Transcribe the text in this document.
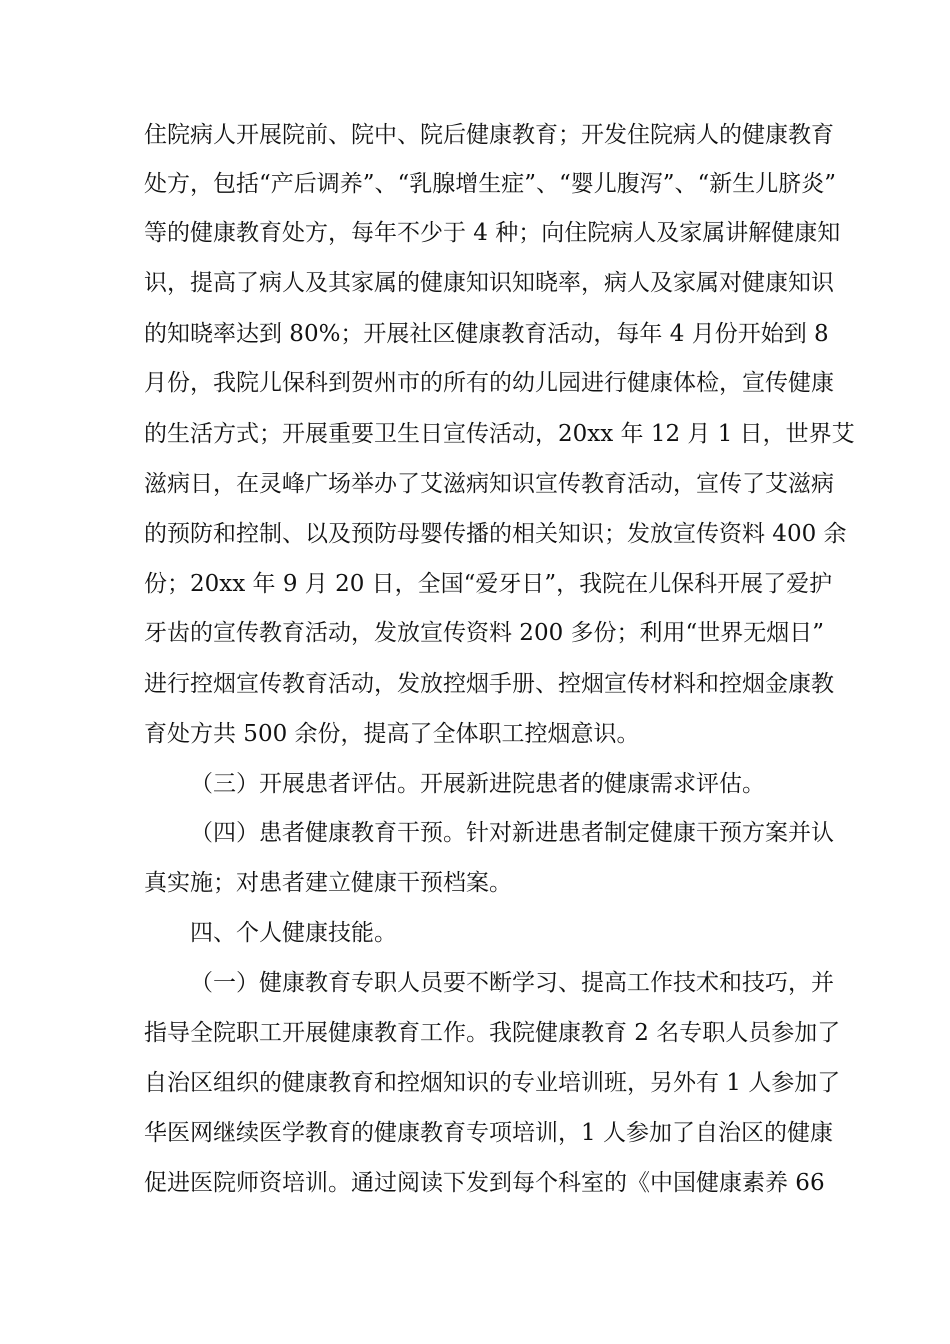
住院病人开展院前、院中、院后健康教育；开发住院病人的健康教育
处方，包括“产后调养”、“乳腺增生症”、“婴儿腹泻”、“新生儿脐炎”
等的健康教育处方，每年不少于 4 种；向住院病人及家属讲解健康知
识，提高了病人及其家属的健康知识知晓率，病人及家属对健康知识
的知晓率达到 80%；开展社区健康教育活动，每年 4 月份开始到 8
月份，我院儿保科到贺州市的所有的幼儿园进行健康体检，宣传健康
的生活方式；开展重要卫生日宣传活动，20xx 年 12 月 1 日，世界艾
滋病日，在灵峰广场举办了艾滋病知识宣传教育活动，宣传了艾滋病
的预防和控制、以及预防母婴传播的相关知识；发放宣传资料 400 余
份；20xx 年 9 月 20 日，全国“爱牙日”，我院在儿保科开展了爱护
牙齿的宣传教育活动，发放宣传资料 200 多份；利用“世界无烟日”
进行控烟宣传教育活动，发放控烟手册、控烟宣传材料和控烟金康教
育处方共 500 余份，提高了全体职工控烟意识。
（三）开展患者评估。开展新进院患者的健康需求评估。
（四）患者健康教育干预。针对新进患者制定健康干预方案并认
真实施；对患者建立健康干预档案。
四、个人健康技能。
（一）健康教育专职人员要不断学习、提高工作技术和技巧，并
指导全院职工开展健康教育工作。我院健康教育 2 名专职人员参加了
自治区组织的健康教育和控烟知识的专业培训班，另外有 1 人参加了
华医网继续医学教育的健康教育专项培训，1 人参加了自治区的健康
促进医院师资培训。通过阅读下发到每个科室的《中国健康素养 66
